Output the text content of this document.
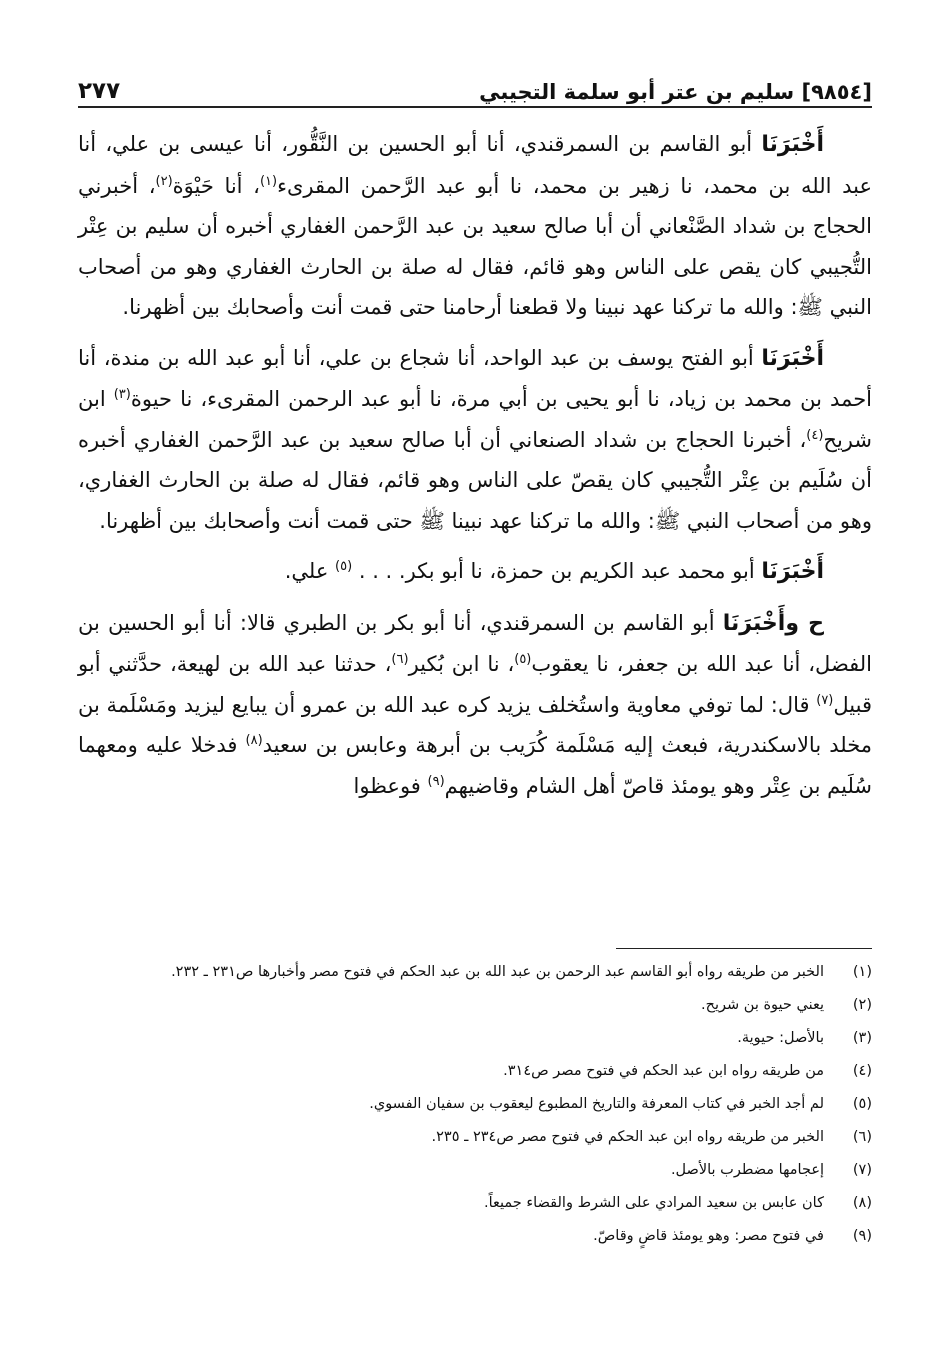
[٩٨٥٤] سليم بن عتر أبو سلمة التجيبي
٢٧٧

أَخْبَرَنَا أبو القاسم بن السمرقندي، أنا أبو الحسين بن النَّقُّور، أنا عيسى بن علي، أنا عبد الله بن محمد، نا زهير بن محمد، نا أبو عبد الرَّحمن المقرىء$^{(١)}$، أنا حَيْوَة$^{(٢)}$، أخبرني الحجاج بن شداد الصَّنْعاني أن أبا صالح سعيد بن عبد الرَّحمن الغفاري أخبره أن سليم بن عِتْر التُّجيبي كان يقص على الناس وهو قائم، فقال له صلة بن الحارث الغفاري وهو من أصحاب النبي ﷺ: والله ما تركنا عهد نبينا ولا قطعنا أرحامنا حتى قمت أنت وأصحابك بين أظهرنا.

أَخْبَرَنَا أبو الفتح يوسف بن عبد الواحد، أنا شجاع بن علي، أنا أبو عبد الله بن مندة، أنا أحمد بن محمد بن زياد، نا أبو يحيى بن أبي مرة، نا أبو عبد الرحمن المقرىء، نا حيوة$^{(٣)}$ ابن شريح$^{(٤)}$، أخبرنا الحجاج بن شداد الصنعاني أن أبا صالح سعيد بن عبد الرَّحمن الغفاري أخبره أن سُلَيم بن عِتْر التُّجيبي كان يقصّ على الناس وهو قائم، فقال له صلة بن الحارث الغفاري، وهو من أصحاب النبي ﷺ: والله ما تركنا عهد نبينا ﷺ حتى قمت أنت وأصحابك بين أظهرنا.

أَخْبَرَنَا أبو محمد عبد الكريم بن حمزة، نا أبو بكر. . . . $^{(٥)}$ علي.

ح وأَخْبَرَنَا أبو القاسم بن السمرقندي، أنا أبو بكر بن الطبري قالا: أنا أبو الحسين بن الفضل، أنا عبد الله بن جعفر، نا يعقوب$^{(٥)}$، نا ابن بُكير$^{(٦)}$، حدثنا عبد الله بن لهيعة، حدَّثني أبو قبيل$^{(٧)}$ قال: لما توفي معاوية واستُخلف يزيد كره عبد الله بن عمرو أن يبايع ليزيد ومَسْلَمة بن مخلد بالاسكندرية، فبعث إليه مَسْلَمة كُرَيب بن أبرهة وعابس بن سعيد$^{(٨)}$ فدخلا عليه ومعهما سُلَيم بن عِتْر وهو يومئذ قاصّ أهل الشام وقاضيهم$^{(٩)}$ فوعظوا

(١)الخبر من طريقه رواه أبو القاسم عبد الرحمن بن عبد الله بن عبد الحكم في فتوح مصر وأخبارها ص٢٣١ ـ ٢٣٢.
(٢)يعني حيوة بن شريح.
(٣)بالأصل: حيوية.
(٤)من طريقه رواه ابن عبد الحكم في فتوح مصر ص٣١٤.
(٥)لم أجد الخبر في كتاب المعرفة والتاريخ المطبوع ليعقوب بن سفيان الفسوي.
(٦)الخبر من طريقه رواه ابن عبد الحكم في فتوح مصر ص٢٣٤ ـ ٢٣٥.
(٧)إعجامها مضطرب بالأصل.
(٨)كان عابس بن سعيد المرادي على الشرط والقضاء جميعاً.
(٩)في فتوح مصر: وهو يومئذ قاضٍ وقاصّ.
